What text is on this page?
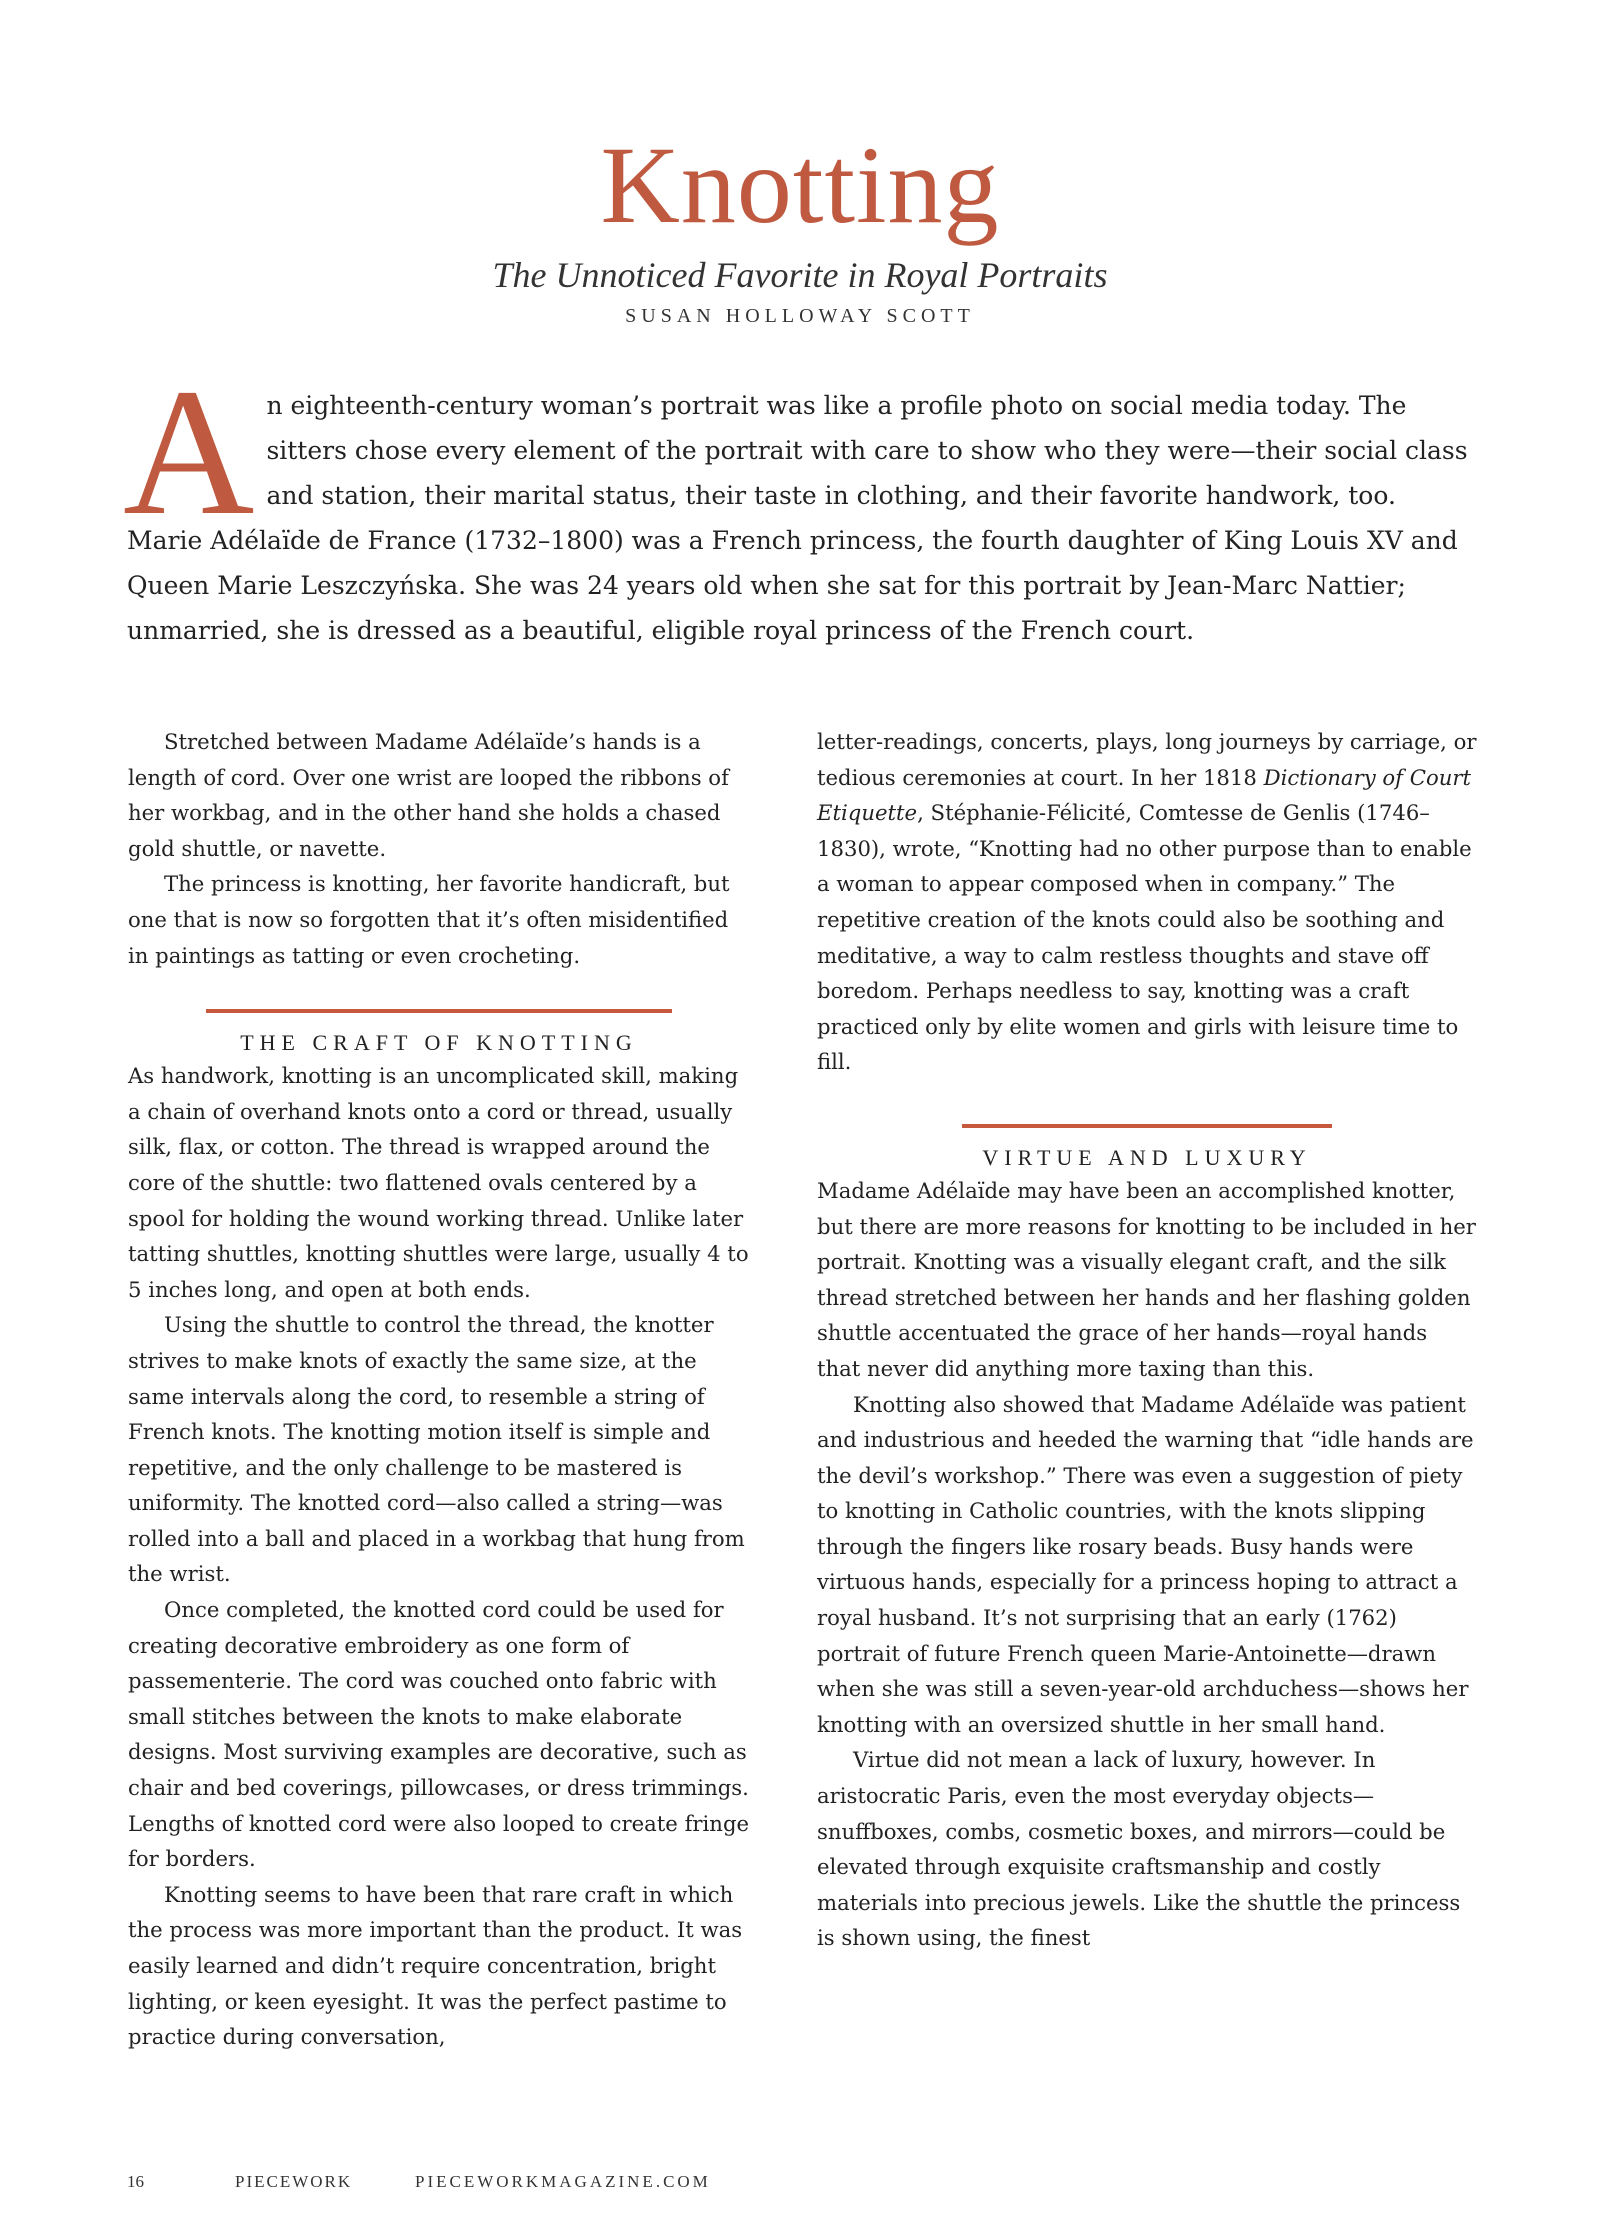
Knotting
The Unnoticed Favorite in Royal Portraits
SUSAN HOLLOWAY SCOTT
A n eighteenth-century woman’s portrait was like a profile photo on social media today. The sitters chose every element of the portrait with care to show who they were—their social class and station, their marital status, their taste in clothing, and their favorite handwork, too. Marie Adélaïde de France (1732–1800) was a French princess, the fourth daughter of King Louis XV and Queen Marie Leszczyńska. She was 24 years old when she sat for this portrait by Jean-Marc Nattier; unmarried, she is dressed as a beautiful, eligible royal princess of the French court.

Stretched between Madame Adélaïde’s hands is a length of cord. Over one wrist are looped the ribbons of her workbag, and in the other hand she holds a chased gold shuttle, or navette.

The princess is knotting, her favorite handicraft, but one that is now so forgotten that it’s often misidentified in paintings as tatting or even crocheting.

THE CRAFT OF KNOTTING

As handwork, knotting is an uncomplicated skill, making a chain of overhand knots onto a cord or thread, usually silk, flax, or cotton. The thread is wrapped around the core of the shuttle: two flattened ovals centered by a spool for holding the wound working thread. Unlike later tatting shuttles, knotting shuttles were large, usually 4 to 5 inches long, and open at both ends.

Using the shuttle to control the thread, the knotter strives to make knots of exactly the same size, at the same intervals along the cord, to resemble a string of French knots. The knotting motion itself is simple and repetitive, and the only challenge to be mastered is uniformity. The knotted cord—also called a string—was rolled into a ball and placed in a workbag that hung from the wrist.

Once completed, the knotted cord could be used for creating decorative embroidery as one form of passementerie. The cord was couched onto fabric with small stitches between the knots to make elaborate designs. Most surviving examples are decorative, such as chair and bed coverings, pillowcases, or dress trimmings. Lengths of knotted cord were also looped to create fringe for borders.

Knotting seems to have been that rare craft in which the process was more important than the product. It was easily learned and didn’t require concentration, bright lighting, or keen eyesight. It was the perfect pastime to practice during conversation,

letter-readings, concerts, plays, long journeys by carriage, or tedious ceremonies at court. In her 1818 Dictionary of Court Etiquette, Stéphanie-Félicité, Comtesse de Genlis (1746–1830), wrote, “Knotting had no other purpose than to enable a woman to appear composed when in company.” The repetitive creation of the knots could also be soothing and meditative, a way to calm restless thoughts and stave off boredom. Perhaps needless to say, knotting was a craft practiced only by elite women and girls with leisure time to fill.

VIRTUE AND LUXURY

Madame Adélaïde may have been an accomplished knotter, but there are more reasons for knotting to be included in her portrait. Knotting was a visually elegant craft, and the silk thread stretched between her hands and her flashing golden shuttle accentuated the grace of her hands—royal hands that never did anything more taxing than this.

Knotting also showed that Madame Adélaïde was patient and industrious and heeded the warning that “idle hands are the devil’s workshop.” There was even a suggestion of piety to knotting in Catholic countries, with the knots slipping through the fingers like rosary beads. Busy hands were virtuous hands, especially for a princess hoping to attract a royal husband. It’s not surprising that an early (1762) portrait of future French queen Marie-Antoinette—drawn when she was still a seven-year-old archduchess—shows her knotting with an oversized shuttle in her small hand.

Virtue did not mean a lack of luxury, however. In aristocratic Paris, even the most everyday objects—snuffboxes, combs, cosmetic boxes, and mirrors—could be elevated through exquisite craftsmanship and costly materials into precious jewels. Like the shuttle the princess is shown using, the finest

16	PIECEWORK	PIECEWORKMAGAZINE.COM
